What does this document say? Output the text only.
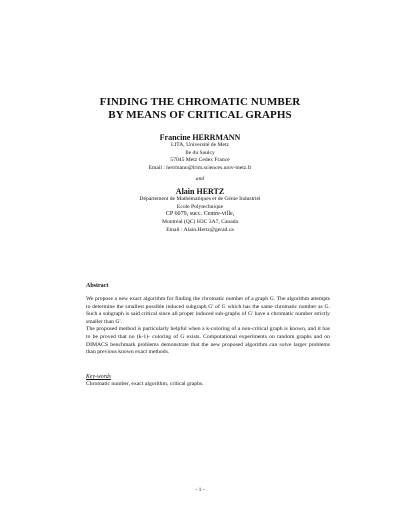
FINDING THE CHROMATIC NUMBER
BY MEANS OF CRITICAL GRAPHS
Francine HERRMANN
LITA, Université de Metz
Ile du Saulcy
57045 Metz Cedex France
Email : herrmann@lrim.sciences.univ-metz.fr
and
Alain HERTZ
Département de Mathématiques et de Génie Industriel
Ecole Polytechnique
CP 6079, succ. Centre-ville,
Montréal (QC) H3C 3A7, Canada
Email : Alain.Hertz@gerad.ca
Abstract

We propose a new exact algorithm for finding the chromatic number of a graph G. The algorithm attempts to determine the smallest possible induced subgraph G' of G which has the same chromatic number as G. Such a subgraph is said critical since all proper induced sub-graphs of G' have a chromatic number strictly smaller than G'.

The proposed method is particularly helpful when a k-coloring of a non-critical graph is known, and it has to be proved that no (k-1)- coloring of G exists. Computational experiments on random graphs and on DIMACS benchmark problems demonstrate that the new proposed algorithm can solve larger problems than previous known exact methods.

Key-words
Chromatic number, exact algorithm, critical graphs.
- 1 -
